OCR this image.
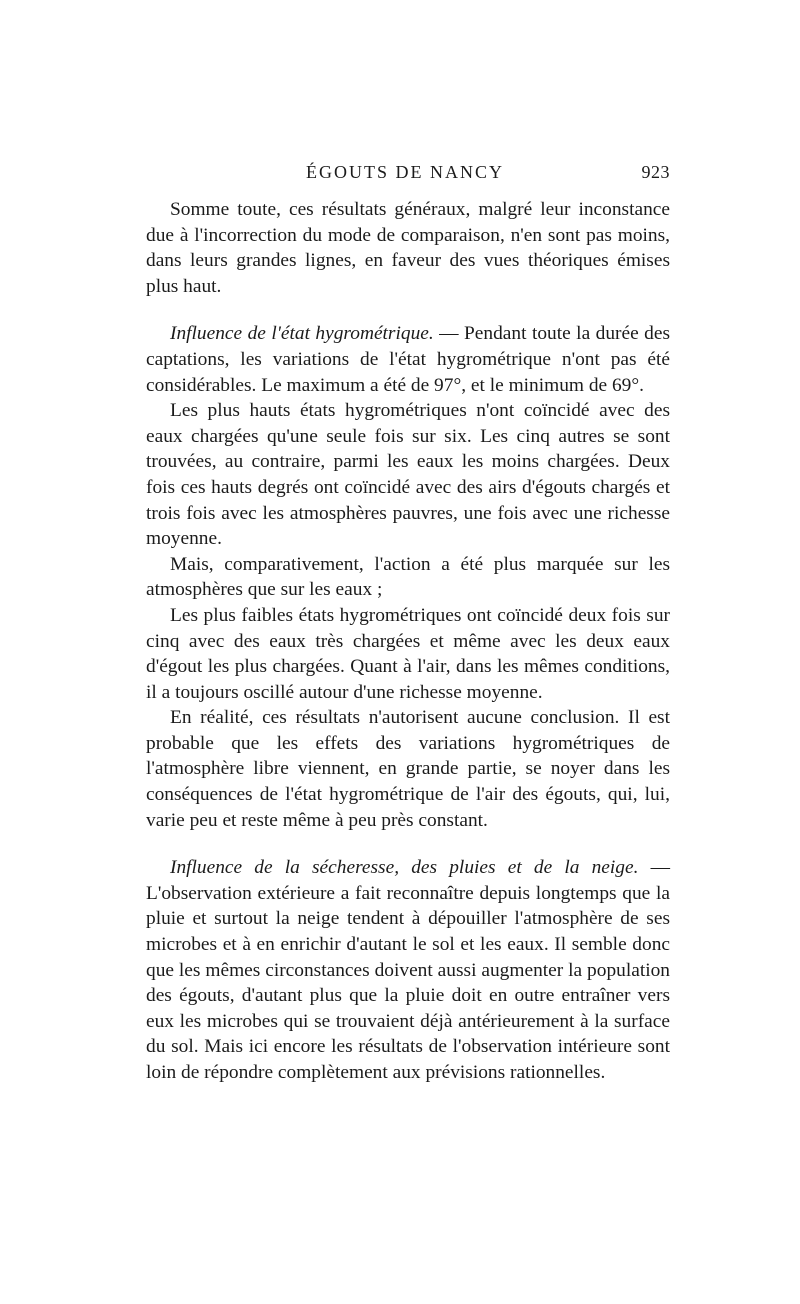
ÉGOUTS DE NANCY	923

Somme toute, ces résultats généraux, malgré leur inconstance due à l'incorrection du mode de comparaison, n'en sont pas moins, dans leurs grandes lignes, en faveur des vues théoriques émises plus haut.

Influence de l'état hygrométrique. — Pendant toute la durée des captations, les variations de l'état hygrométrique n'ont pas été considérables. Le maximum a été de 97°, et le minimum de 69°.

Les plus hauts états hygrométriques n'ont coïncidé avec des eaux chargées qu'une seule fois sur six. Les cinq autres se sont trouvées, au contraire, parmi les eaux les moins chargées. Deux fois ces hauts degrés ont coïncidé avec des airs d'égouts chargés et trois fois avec les atmosphères pauvres, une fois avec une richesse moyenne.

Mais, comparativement, l'action a été plus marquée sur les atmosphères que sur les eaux ;

Les plus faibles états hygrométriques ont coïncidé deux fois sur cinq avec des eaux très chargées et même avec les deux eaux d'égout les plus chargées. Quant à l'air, dans les mêmes conditions, il a toujours oscillé autour d'une richesse moyenne.

En réalité, ces résultats n'autorisent aucune conclusion. Il est probable que les effets des variations hygrométriques de l'atmosphère libre viennent, en grande partie, se noyer dans les conséquences de l'état hygrométrique de l'air des égouts, qui, lui, varie peu et reste même à peu près constant.

Influence de la sécheresse, des pluies et de la neige. — L'observation extérieure a fait reconnaître depuis longtemps que la pluie et surtout la neige tendent à dépouiller l'atmosphère de ses microbes et à en enrichir d'autant le sol et les eaux. Il semble donc que les mêmes circonstances doivent aussi augmenter la population des égouts, d'autant plus que la pluie doit en outre entraîner vers eux les microbes qui se trouvaient déjà antérieurement à la surface du sol. Mais ici encore les résultats de l'observation intérieure sont loin de répondre complètement aux prévisions rationnelles.
